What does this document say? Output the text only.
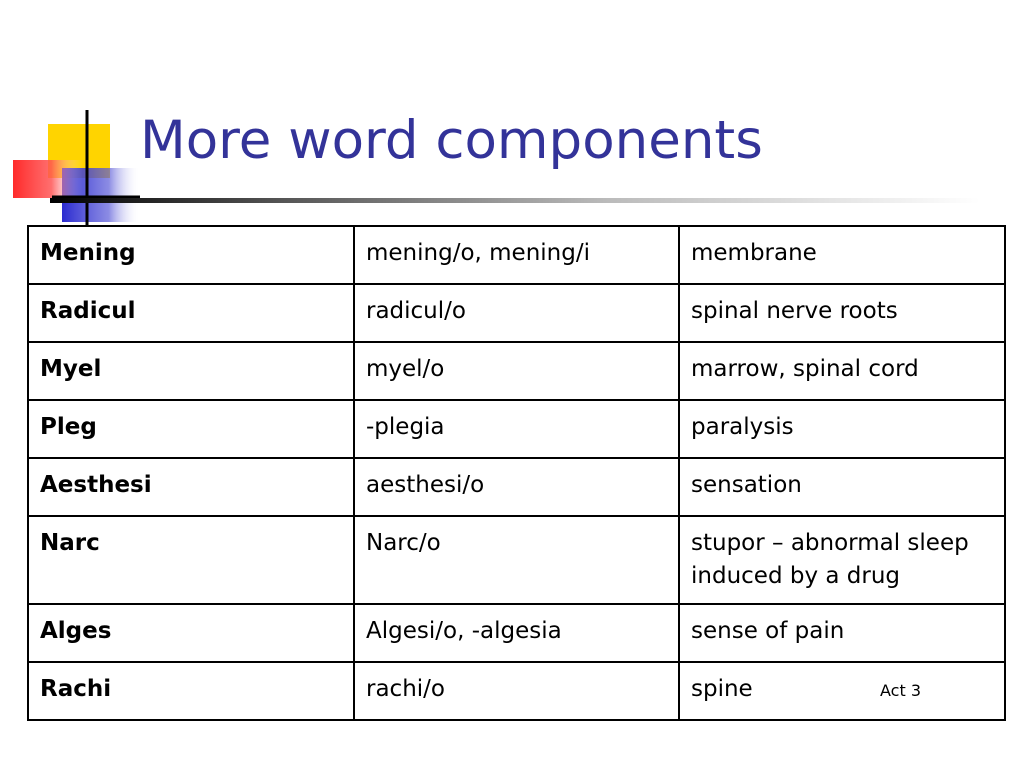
More word components
Mening	mening/o, mening/i	membrane
Radicul	radicul/o	spinal nerve roots
Myel	myel/o	marrow, spinal cord
Pleg	-plegia	paralysis
Aesthesi	aesthesi/o	sensation
Narc	Narc/o	stupor – abnormal sleep induced by a drug
Alges	Algesi/o, -algesia	sense of pain
Rachi	rachi/o	spine Act 3
